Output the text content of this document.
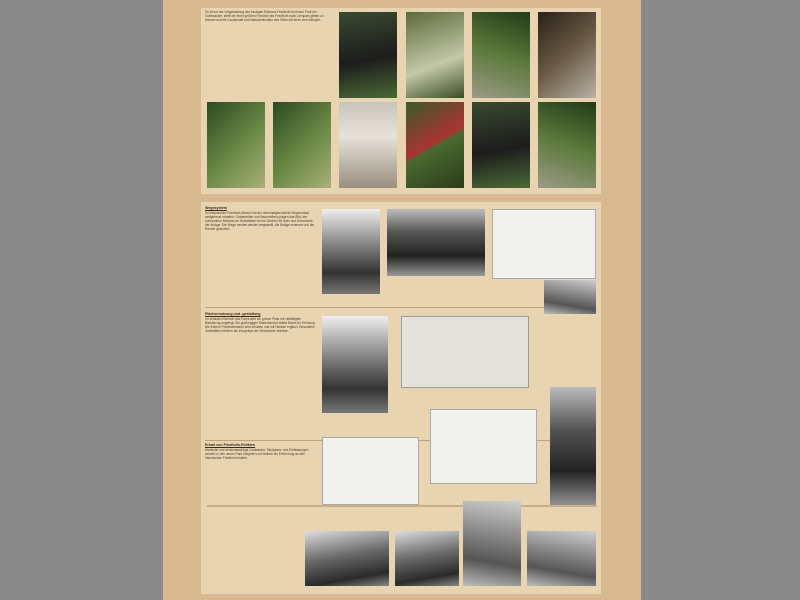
Es ist vor der Umgestaltung des heutigen Rathaus-Friedhofs ist einem Park ein Gottesacker, stellt der einer größten Friedhof des Friedhofs nach Lernpark gelten zu können und die Landschaft und Naturdenkmäler des Ortes mit einer zum Beispiel...
Wegesystem
Im historischen Friedhofs-Bereich ist der denkmalgeschützte Wegeverlauf weitgehend erhalten. Gräberfelder und Baumreihen prägen das Bild; der vorhandene Bestand an Grabstätten ist ein Zeichen für Alter und Geschichte der Anlage. Die Wege werden wieder hergestellt, die Beläge erneuert und die Ränder gesichert.
Flächennutzung und -gestaltung
Im zentralen Bereich des Parks wird ein grüner Platz mit vielfältigem Blickbezug angelegt. Ein großzügiger Rasenbereich bietet Raum für Erholung. Die frühere Friedhofsmauer wird erhalten und mit Hecken ergänzt. Besondere Grabstätten bleiben als Zeugnisse der Geschichte sichtbar.
Erhalt von Friedhofs-Relikten
Wertvolle und denkmalwürdige Grabsteine, Skulpturen und Einfassungen werden in den neuen Park integriert und bleiben als Erinnerung an den historischen Friedhof erhalten.
